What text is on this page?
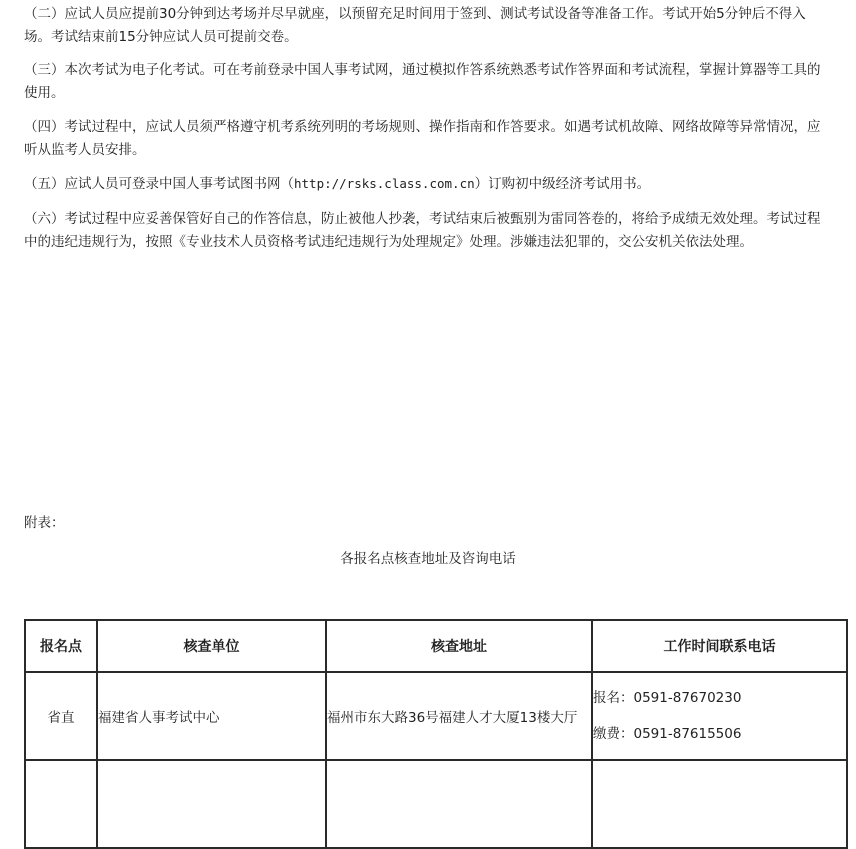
（二）应试人员应提前30分钟到达考场并尽早就座，以预留充足时间用于签到、测试考试设备等准备工作。考试开始5分钟后不得入场。考试结束前15分钟应试人员可提前交卷。

（三）本次考试为电子化考试。可在考前登录中国人事考试网，通过模拟作答系统熟悉考试作答界面和考试流程，掌握计算器等工具的使用。

（四）考试过程中，应试人员须严格遵守机考系统列明的考场规则、操作指南和作答要求。如遇考试机故障、网络故障等异常情况，应听从监考人员安排。

（五）应试人员可登录中国人事考试图书网（http://rsks.class.com.cn）订购初中级经济考试用书。

（六）考试过程中应妥善保管好自己的作答信息，防止被他人抄袭，考试结束后被甄别为雷同答卷的，将给予成绩无效处理。考试过程中的违纪违规行为，按照《专业技术人员资格考试违纪违规行为处理规定》处理。涉嫌违法犯罪的，交公安机关依法处理。

附表：

各报名点核查地址及咨询电话

报名点	核查单位	核查地址	工作时间联系电话
省直	福建省人事考试中心	福州市东大路36号福建人才大厦13楼大厅	报名：0591-87670230
缴费：0591-87615506
